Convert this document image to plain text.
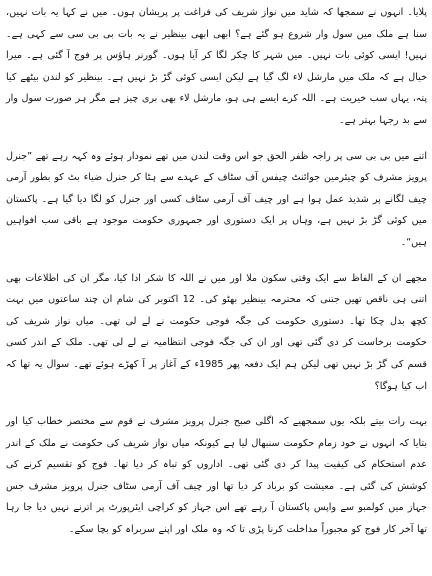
پلایا۔ انہوں نے سمجھا کہ شاید میں نواز شریف کی فراغت پر پریشان ہوں۔ میں نے کہا یہ بات نہیں، سنا ہے ملک میں سول وار شروع ہو گئے ہے؟ ابھی ابھی بینظیر نے یہ بات بی بی سی سے کہی ہے۔ نہیں! ایسی کوئی بات نہیں۔ میں شہر کا چکر لگا کر آیا ہوں۔ گورنر ہاؤس پر فوج آ گئی ہے۔ میرا خیال ہے کہ ملک میں مارشل لاء لگ گیا ہے لیکن ایسی کوئی گڑ بڑ نہیں ہے۔ بینظیر کو لندن بیٹھے کیا پتہ، یہاں سب خیریت ہے۔ اللہ کرے ایسے ہی ہو، مارشل لاء بھی بری چیز ہے مگر ہر صورت سول وار سے بد رجہا بہتر ہے۔

اتنے میں بی بی سی پر راجہ ظفر الحق جو اس وقت لندن میں تھے نمودار ہوئے وہ کہہ رہے تھے ”جنرل پرویز مشرف کو چیئرمین جوائنٹ چیفس آف سٹاف کے عہدے سے ہٹا کر جنرل ضیاء بٹ کو بطور آرمی چیف لگانے پر شدید عمل ہوا ہے اور چیف آف آرمی سٹاف کسی اور جنرل کو لگا دیا گیا ہے۔ پاکستان میں کوئی گڑ بڑ نہیں ہے، وہاں پر ایک دستوری اور جمہوری حکومت موجود ہے باقی سب افواہیں ہیں“۔

مجھے ان کے الفاظ سے ایک وقتی سکون ملا اور میں نے اللہ کا شکر ادا کیا، مگر ان کی اطلاعات بھی اتنی ہی ناقص تھیں جتنی کہ محترمہ بینظیر بھٹو کی۔ 12 اکتوبر کی شام ان چند ساعتوں میں بہت کچھ بدل چکا تھا۔ دستوری حکومت کی جگہ فوجی حکومت نے لے لی تھی۔ میاں نواز شریف کی حکومت برخاست کر دی گئی تھی اور ان کی جگہ فوجی انتظامیہ نے لے لی تھی۔ ملک کے اندر کسی قسم کی گڑ بڑ نہیں تھی لیکن ہم ایک دفعہ پھر 1985ء کے آغاز پر آ کھڑے ہوئے تھے۔ سوال یہ تھا کہ اب کیا ہوگا؟

بہت رات بیتے بلکہ یوں سمجھیے کہ اگلی صبح جنرل پرویز مشرف نے قوم سے مختصر خطاب کیا اور بتایا کہ انہوں نے خود زمام حکومت سنبھال لیا ہے کیونکہ میاں نواز شریف کی حکومت نے ملک کے اندر عدم استحکام کی کیفیت پیدا کر دی گئی تھی۔ اداروں کو تباہ کر دیا تھا۔ فوج کو تقسیم کرنے کی کوشش کی گئی ہے۔ معیشت کو برباد کر دیا تھا اور چیف آف آرمی سٹاف جنرل پرویز مشرف جس جہاز میں کولمبو سے واپس پاکستان آ رہے تھے اس جہاز کو کراچی ایئرپورٹ پر اترنے نہیں دیا جا رہا تھا آخر کار فوج کو مجبوراً مداخلت کرنا پڑی تا کہ وہ ملک اور اپنے سربراہ کو بچا سکے۔
